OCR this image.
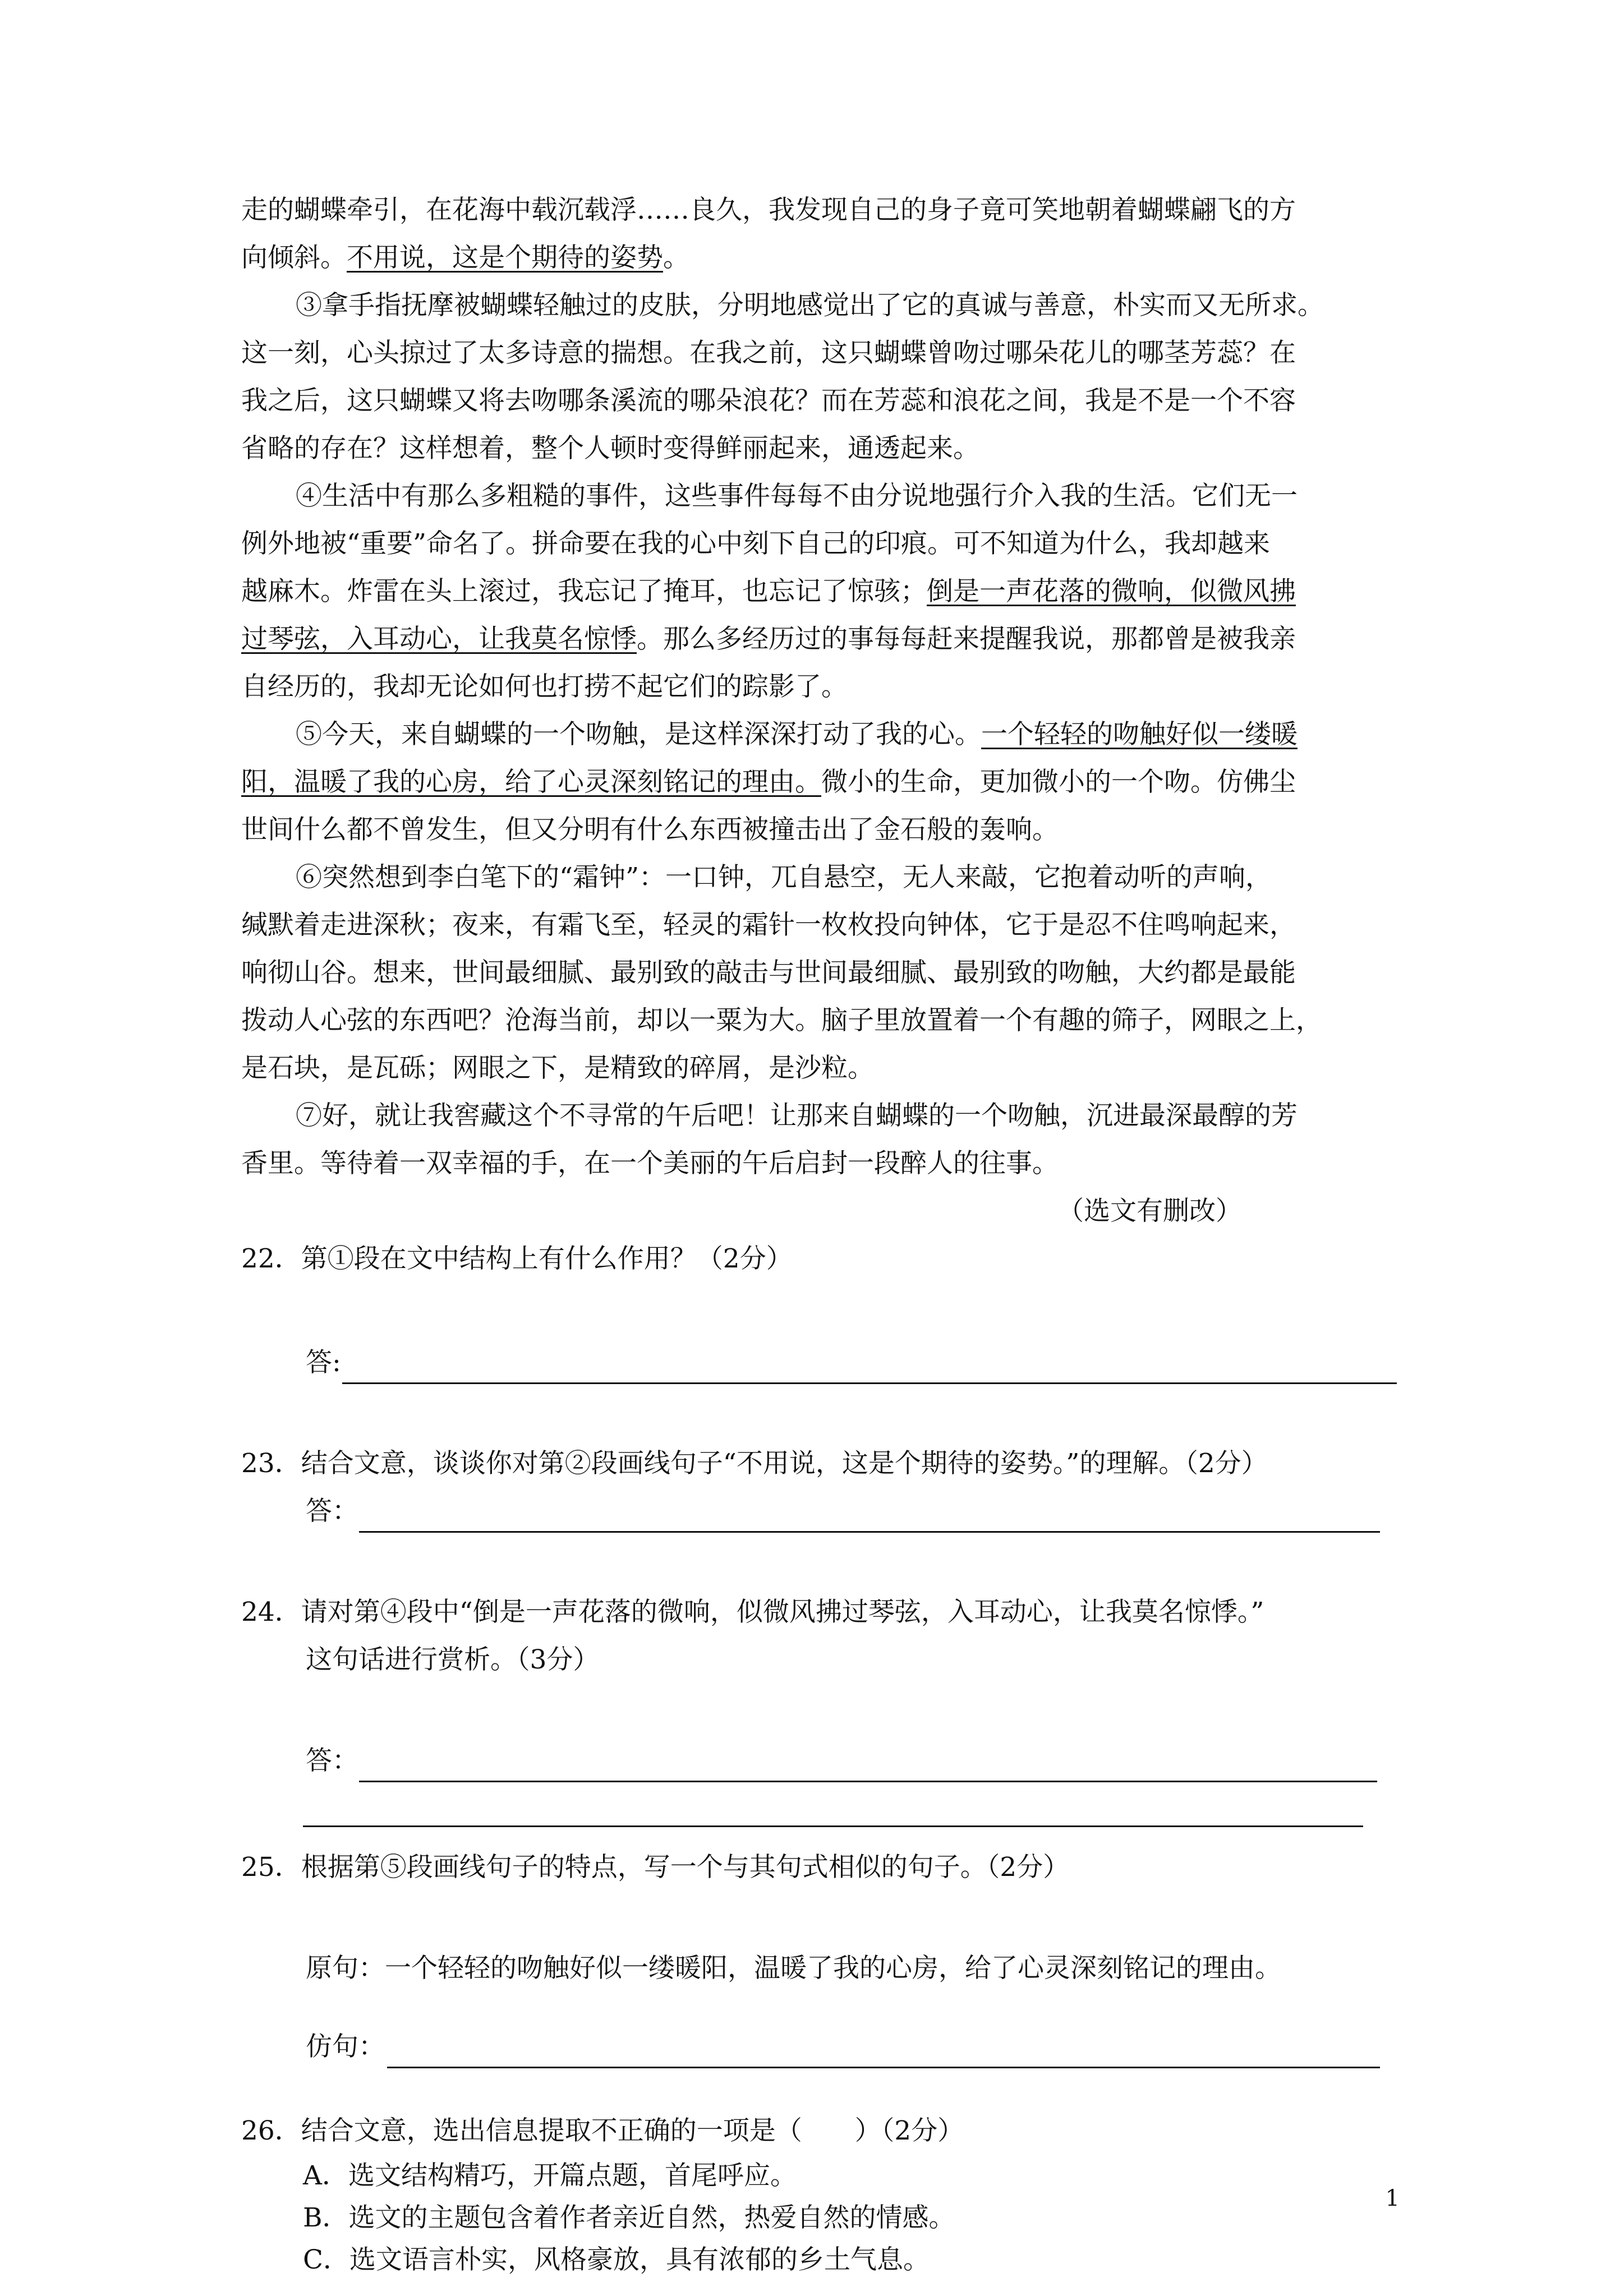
走的蝴蝶牵引，在花海中载沉载浮……良久，我发现自己的身子竟可笑地朝着蝴蝶翩飞的方
向倾斜。不用说，这是个期待的姿势。
③拿手指抚摩被蝴蝶轻触过的皮肤，分明地感觉出了它的真诚与善意，朴实而又无所求。
这一刻，心头掠过了太多诗意的揣想。在我之前，这只蝴蝶曾吻过哪朵花儿的哪茎芳蕊？在
我之后，这只蝴蝶又将去吻哪条溪流的哪朵浪花？而在芳蕊和浪花之间，我是不是一个不容
省略的存在？这样想着，整个人顿时变得鲜丽起来，通透起来。
④生活中有那么多粗糙的事件，这些事件每每不由分说地强行介入我的生活。它们无一
例外地被“重要”命名了。拼命要在我的心中刻下自己的印痕。可不知道为什么，我却越来
越麻木。炸雷在头上滚过，我忘记了掩耳，也忘记了惊骇；倒是一声花落的微响，似微风拂
过琴弦，入耳动心，让我莫名惊悸。那么多经历过的事每每赶来提醒我说，那都曾是被我亲
自经历的，我却无论如何也打捞不起它们的踪影了。
⑤今天，来自蝴蝶的一个吻触，是这样深深打动了我的心。一个轻轻的吻触好似一缕暖
阳，温暖了我的心房，给了心灵深刻铭记的理由。微小的生命，更加微小的一个吻。仿佛尘
世间什么都不曾发生，但又分明有什么东西被撞击出了金石般的轰响。
⑥突然想到李白笔下的“霜钟”：一口钟，兀自悬空，无人来敲，它抱着动听的声响，
缄默着走进深秋；夜来，有霜飞至，轻灵的霜针一枚枚投向钟体，它于是忍不住鸣响起来，
响彻山谷。想来，世间最细腻、最别致的敲击与世间最细腻、最别致的吻触，大约都是最能
拨动人心弦的东西吧？沧海当前，却以一粟为大。脑子里放置着一个有趣的筛子，网眼之上，
是石块，是瓦砾；网眼之下，是精致的碎屑，是沙粒。
⑦好，就让我窖藏这个不寻常的午后吧！让那来自蝴蝶的一个吻触，沉进最深最醇的芳
香里。等待着一双幸福的手，在一个美丽的午后启封一段醉人的往事。
（选文有删改）
22．第①段在文中结构上有什么作用？（2分）
答:
23．结合文意，谈谈你对第②段画线句子“不用说，这是个期待的姿势。”的理解。（2分）
答：
24．请对第④段中“倒是一声花落的微响，似微风拂过琴弦，入耳动心，让我莫名惊悸。”
这句话进行赏析。（3分）
答：
25．根据第⑤段画线句子的特点，写一个与其句式相似的句子。（2分）
原句：一个轻轻的吻触好似一缕暖阳，温暖了我的心房，给了心灵深刻铭记的理由。
仿句：
26．结合文意，选出信息提取不正确的一项是（　　）（2分）
A．选文结构精巧，开篇点题，首尾呼应。
B．选文的主题包含着作者亲近自然，热爱自然的情感。
C．选文语言朴实，风格豪放，具有浓郁的乡土气息。
1
